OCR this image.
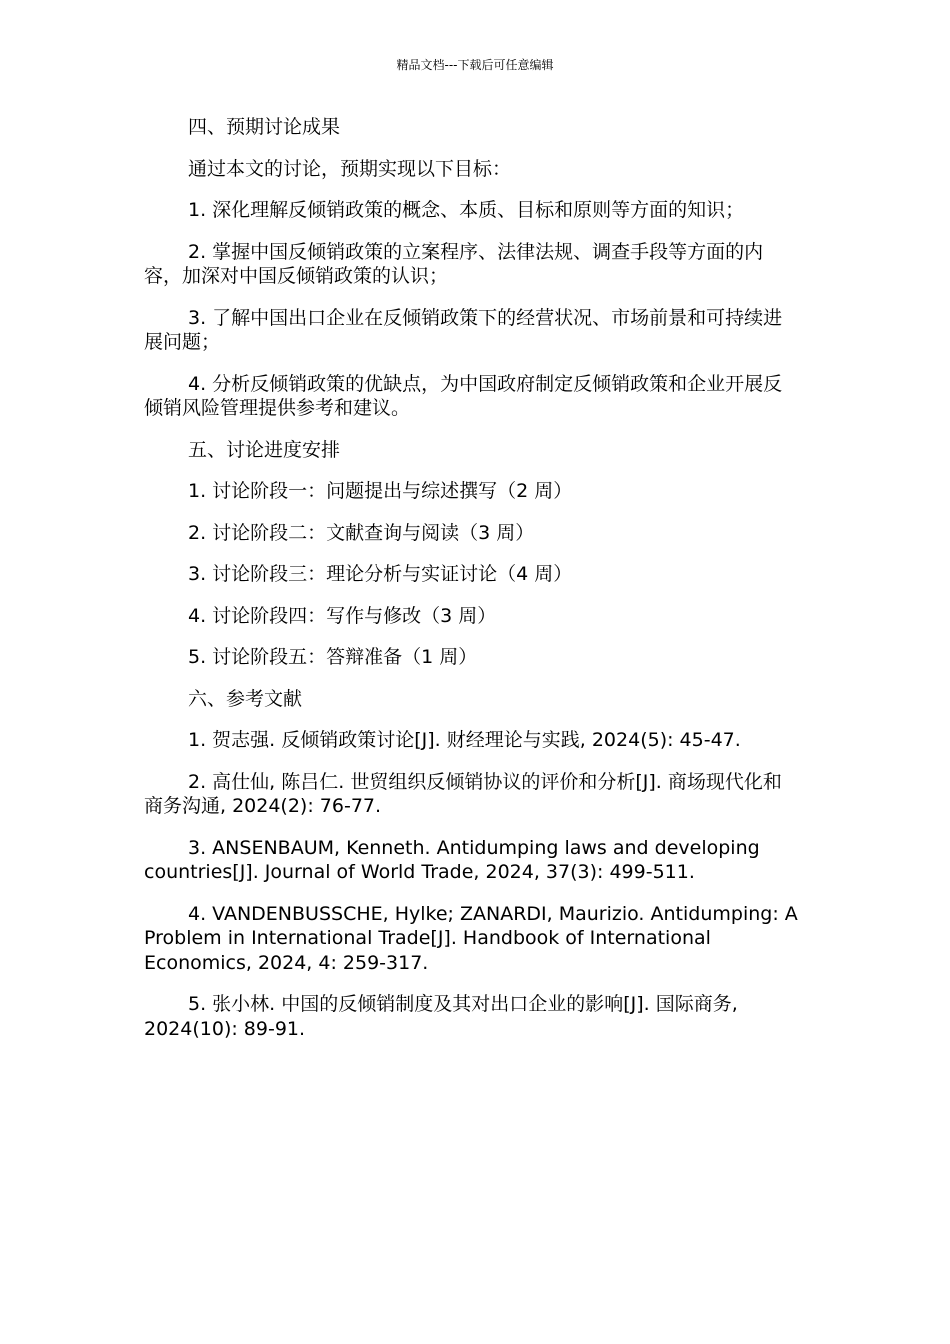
精品文档---下载后可任意编辑

四、预期讨论成果

通过本文的讨论，预期实现以下目标：

1. 深化理解反倾销政策的概念、本质、目标和原则等方面的知识；

2. 掌握中国反倾销政策的立案程序、法律法规、调查手段等方面的内容，加深对中国反倾销政策的认识；

3. 了解中国出口企业在反倾销政策下的经营状况、市场前景和可持续进展问题；

4. 分析反倾销政策的优缺点，为中国政府制定反倾销政策和企业开展反倾销风险管理提供参考和建议。

五、讨论进度安排

1. 讨论阶段一：问题提出与综述撰写（2 周）

2. 讨论阶段二：文献查询与阅读（3 周）

3. 讨论阶段三：理论分析与实证讨论（4 周）

4. 讨论阶段四：写作与修改（3 周）

5. 讨论阶段五：答辩准备（1 周）

六、参考文献

1. 贺志强. 反倾销政策讨论[J]. 财经理论与实践, 2024(5): 45-47.

2. 高仕仙, 陈吕仁. 世贸组织反倾销协议的评价和分析[J]. 商场现代化和商务沟通, 2024(2): 76-77.

3. ANSENBAUM, Kenneth. Antidumping laws and developing countries[J]. Journal of World Trade, 2024, 37(3): 499-511.

4. VANDENBUSSCHE, Hylke; ZANARDI, Maurizio. Antidumping: A Problem in International Trade[J]. Handbook of International Economics, 2024, 4: 259-317.

5. 张小林. 中国的反倾销制度及其对出口企业的影响[J]. 国际商务, 2024(10): 89-91.
